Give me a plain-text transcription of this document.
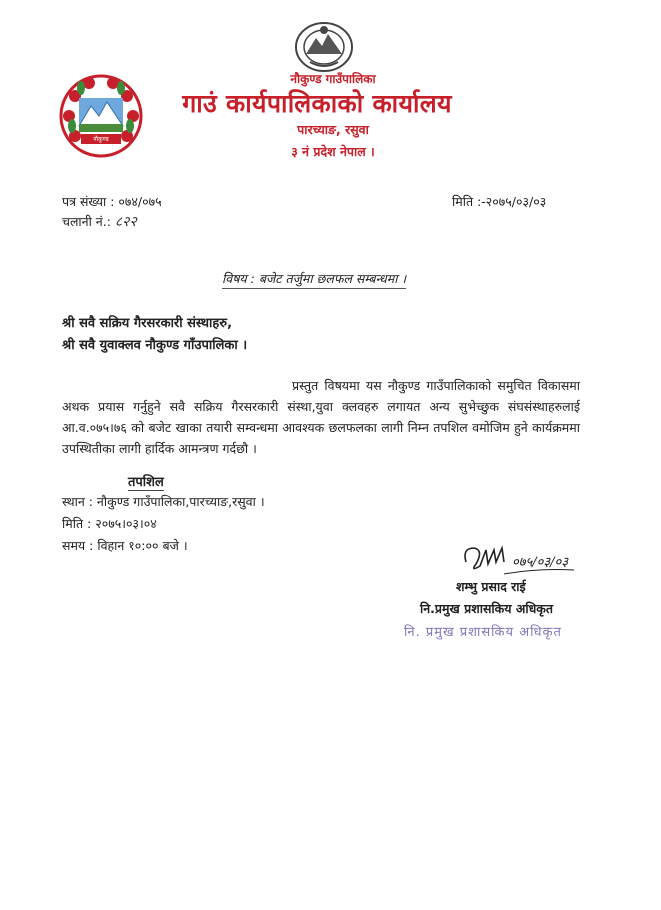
नौकुण्ड
नौकुण्ड गाउँपालिका
गाउं कार्यपालिकाको कार्यालय
पारच्याङ, रसुवा
३ नं प्रदेश नेपाल ।
पत्र संख्या : ०७४/०७५
चलानी नं.: ८२२
मिति :-२०७५/०३/०३
विषय : बजेट तर्जुमा छलफल सम्बन्धमा ।
श्री सवै सक्रिय गैरसरकारी संस्थाहरु,
श्री सवै युवाक्लव नौकुण्ड गाँउपालिका ।
प्रस्तुत विषयमा यस नौकुण्ड गाउँपालिकाको समुचित विकासमा अथक प्रयास गर्नुहुने सवै सक्रिय गैरसरकारी संस्था,युवा क्लवहरु लगायत अन्य सुभेच्छुक संघसंस्थाहरुलाई आ.व.०७५।७६ को बजेट खाका तयारी सम्वन्धमा आवश्यक छलफलका लागी निम्न तपशिल वमोजिम हुने कार्यक्रममा उपस्थितीका लागी हार्दिक आमन्त्रण गर्दछौ ।
तपशिल
स्थान : नौकुण्ड गाउँपालिका,पारच्याङ,रसुवा ।
मिति : २०७५।०३।०४
समय : विहान १०:०० बजे ।
०७५/०३/०३
शम्भु प्रसाद राई
नि.प्रमुख प्रशासकिय अधिकृत
नि. प्रमुख प्रशासकिय अधिकृत
